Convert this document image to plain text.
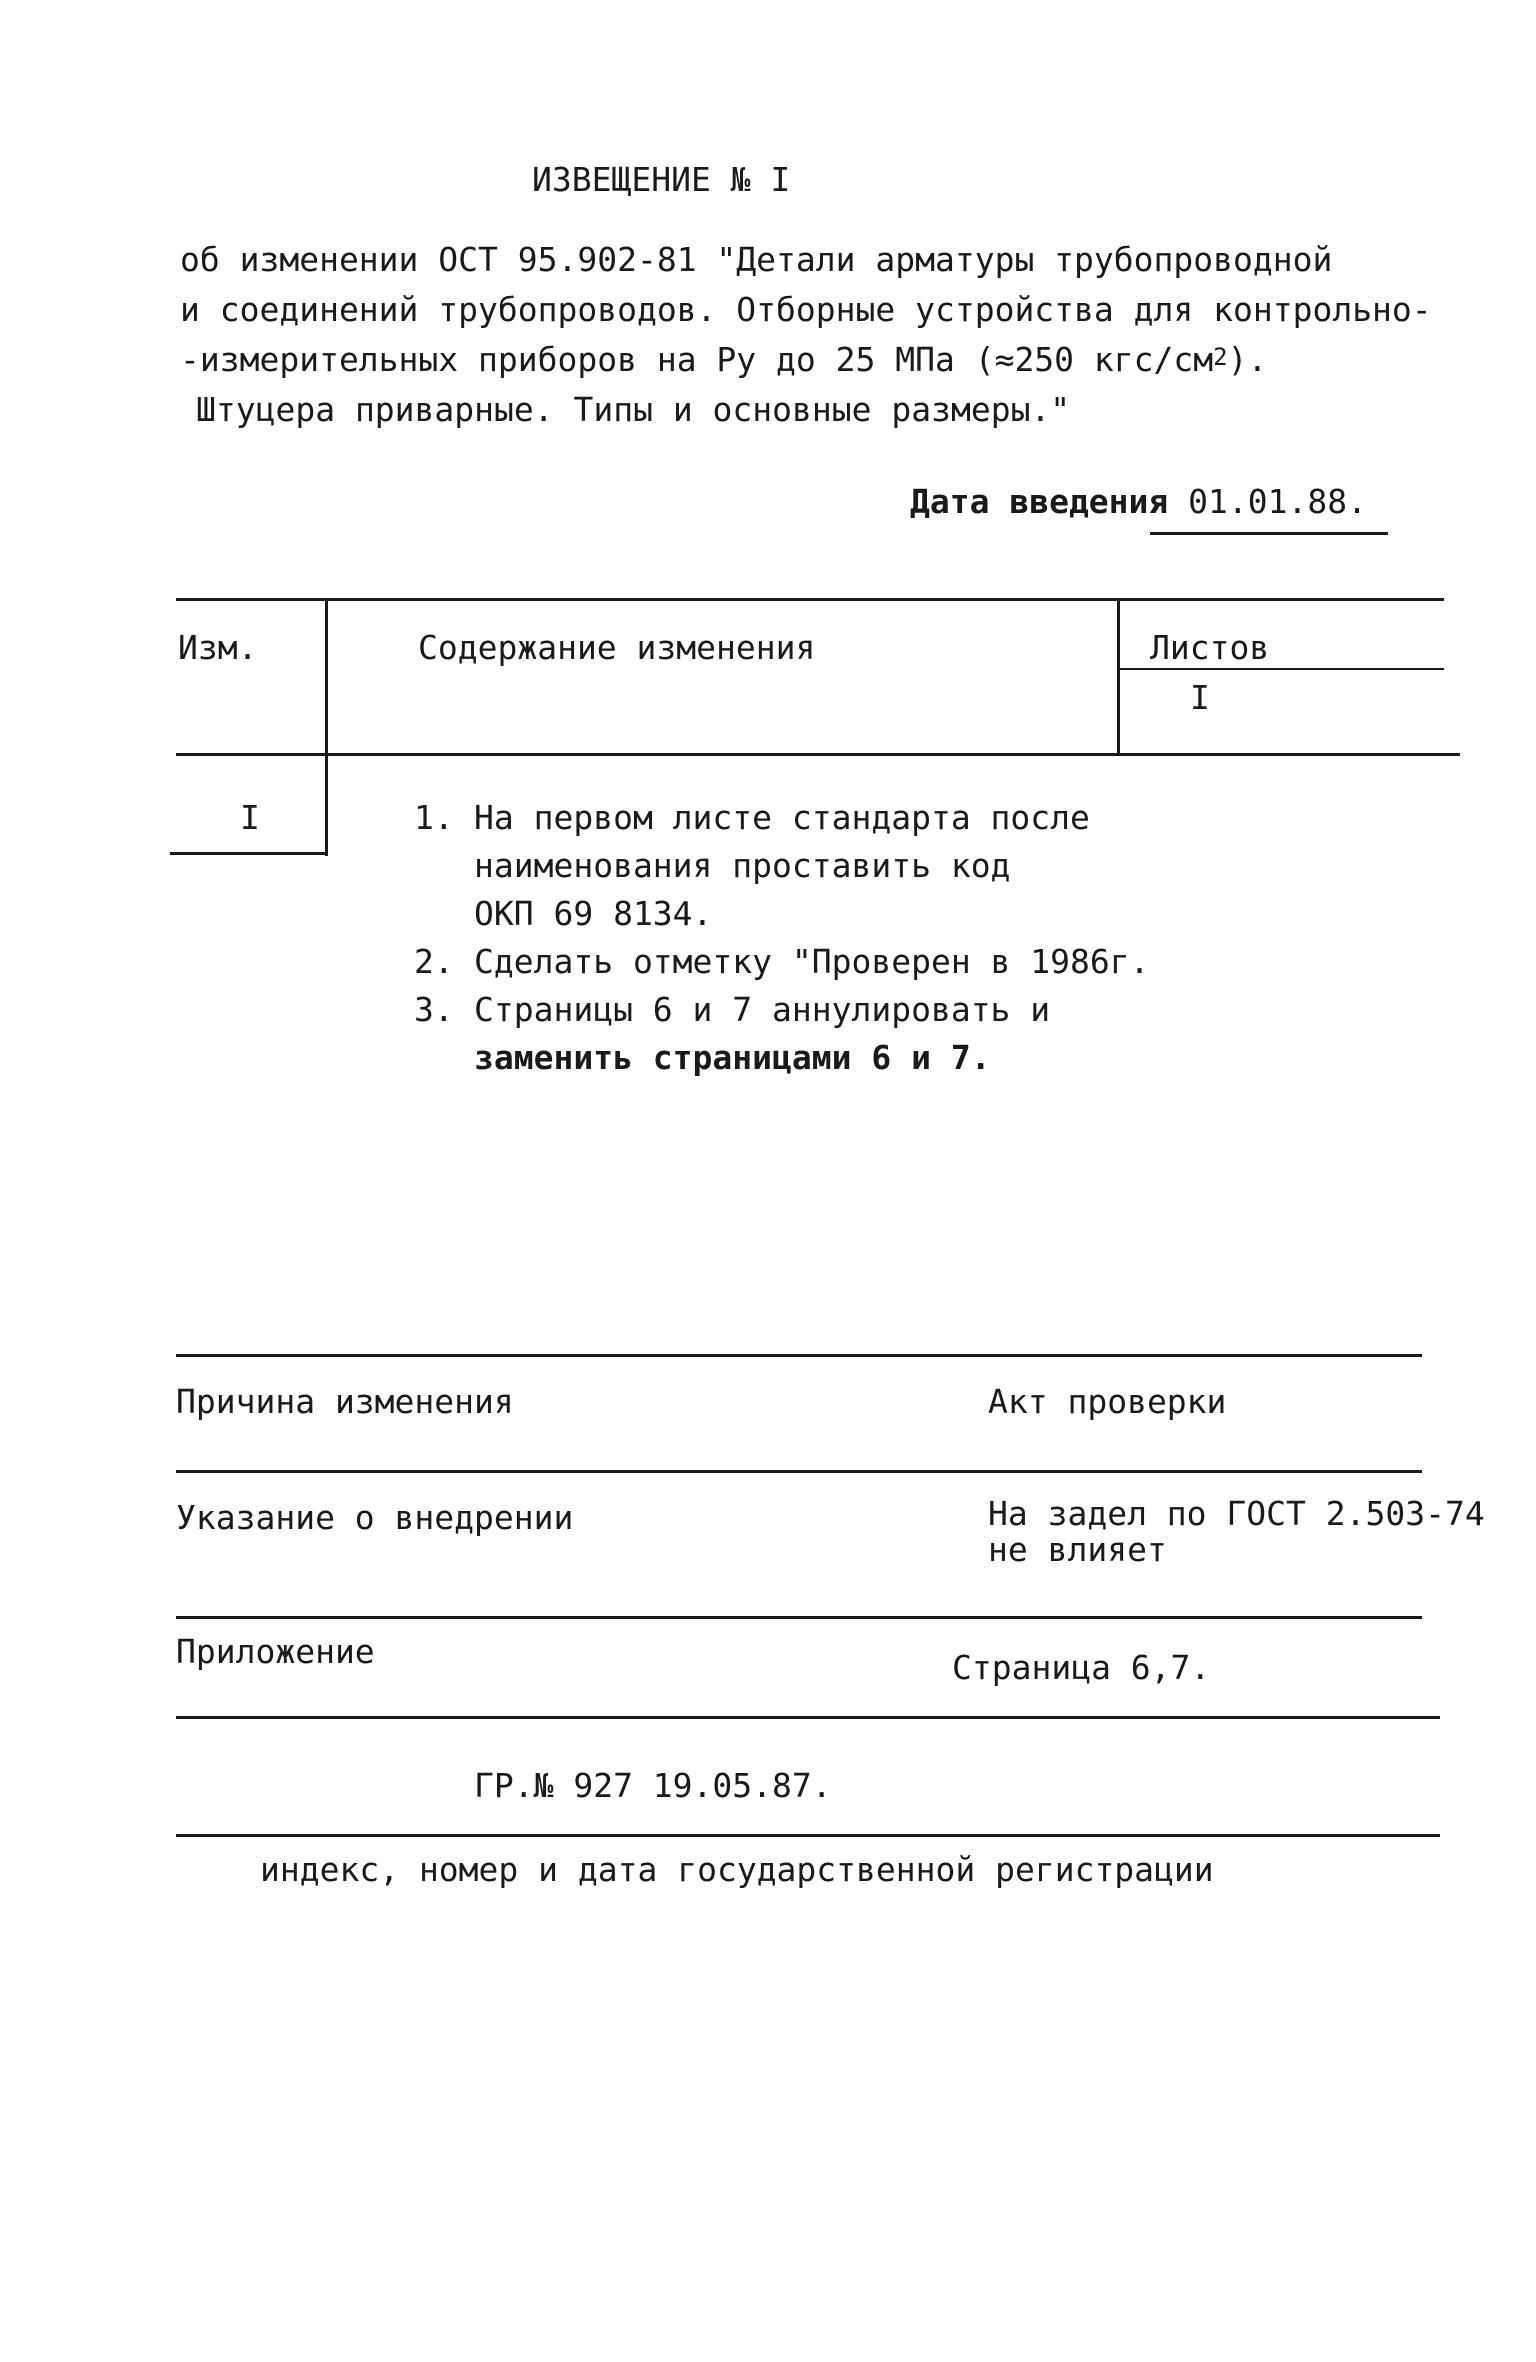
ИЗВЕЩЕНИЕ № I
об изменении ОСТ 95.902-81 "Детали арматуры трубопроводной
и соединений трубопроводов. Отборные устройства для контрольно-
-измерительных приборов на Ру до 25 МПа (≈250 кгс/$см^2$).
Штуцера приварные. Типы и основные размеры."
Дата введения 01.01.88.
Изм.	Содержание изменения	Листов
I
I	1. На первом листе стандарта после
наименования проставить код
ОКП 69 8134.
2. Сделать отметку "Проверен в 1986г.
3. Страницы 6 и 7 аннулировать и
заменить страницами 6 и 7.
Причина изменения	Акт проверки
Указание о внедрении	На задел по ГОСТ 2.503-74
не влияет
Приложение	Страница 6,7.
ГР.№ 927 19.05.87.
индекс, номер и дата государственной регистрации
